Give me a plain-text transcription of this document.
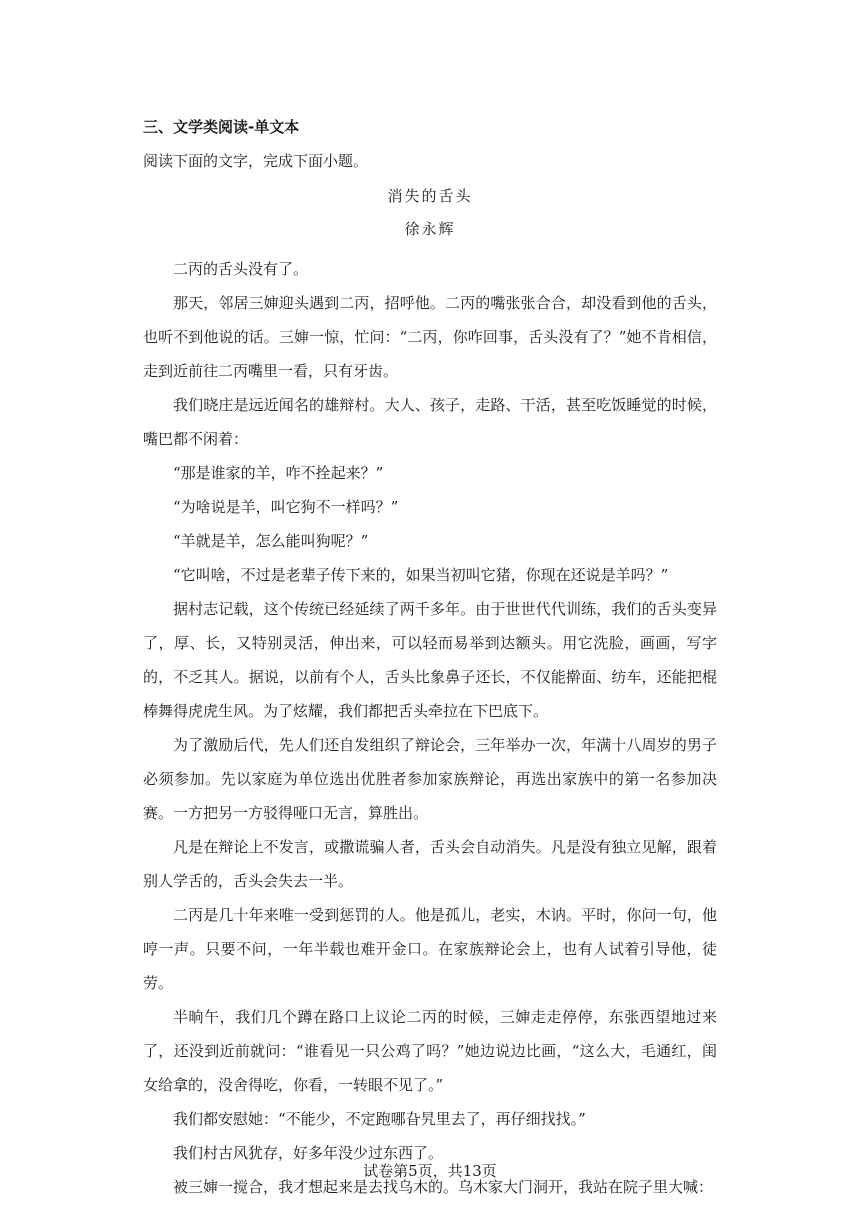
三、文学类阅读-单文本
阅读下面的文字，完成下面小题。
消失的舌头
徐永辉

二丙的舌头没有了。

那天，邻居三婶迎头遇到二丙，招呼他。二丙的嘴张张合合，却没看到他的舌头，也听不到他说的话。三婶一惊，忙问：“二丙，你咋回事，舌头没有了？”她不肯相信，走到近前往二丙嘴里一看，只有牙齿。

我们晓庄是远近闻名的雄辩村。大人、孩子，走路、干活，甚至吃饭睡觉的时候，嘴巴都不闲着：

“那是谁家的羊，咋不拴起来？”

“为啥说是羊，叫它狗不一样吗？”

“羊就是羊，怎么能叫狗呢？”

“它叫啥，不过是老辈子传下来的，如果当初叫它猪，你现在还说是羊吗？”

据村志记载，这个传统已经延续了两千多年。由于世世代代训练，我们的舌头变异了，厚、长，又特别灵活，伸出来，可以轻而易举到达额头。用它洗脸，画画，写字的，不乏其人。据说，以前有个人，舌头比象鼻子还长，不仅能擀面、纺车，还能把棍棒舞得虎虎生风。为了炫耀，我们都把舌头牵拉在下巴底下。

为了激励后代，先人们还自发组织了辩论会，三年举办一次，年满十八周岁的男子必须参加。先以家庭为单位选出优胜者参加家族辩论，再选出家族中的第一名参加决赛。一方把另一方驳得哑口无言，算胜出。

凡是在辩论上不发言，或撒谎骗人者，舌头会自动消失。凡是没有独立见解，跟着别人学舌的，舌头会失去一半。

二丙是几十年来唯一受到惩罚的人。他是孤儿，老实，木讷。平时，你问一句，他哼一声。只要不问，一年半载也难开金口。在家族辩论会上，也有人试着引导他，徒劳。

半晌午，我们几个蹲在路口上议论二丙的时候，三婶走走停停，东张西望地过来了，还没到近前就问：“谁看见一只公鸡了吗？”她边说边比画，“这么大，毛通红，闺女给拿的，没舍得吃，你看，一转眼不见了。”

我们都安慰她：“不能少，不定跑哪旮旯里去了，再仔细找找。”

我们村古风犹存，好多年没少过东西了。

被三婶一搅合，我才想起来是去找乌木的。乌木家大门洞开，我站在院子里大喊：

试卷第5页，共13页
